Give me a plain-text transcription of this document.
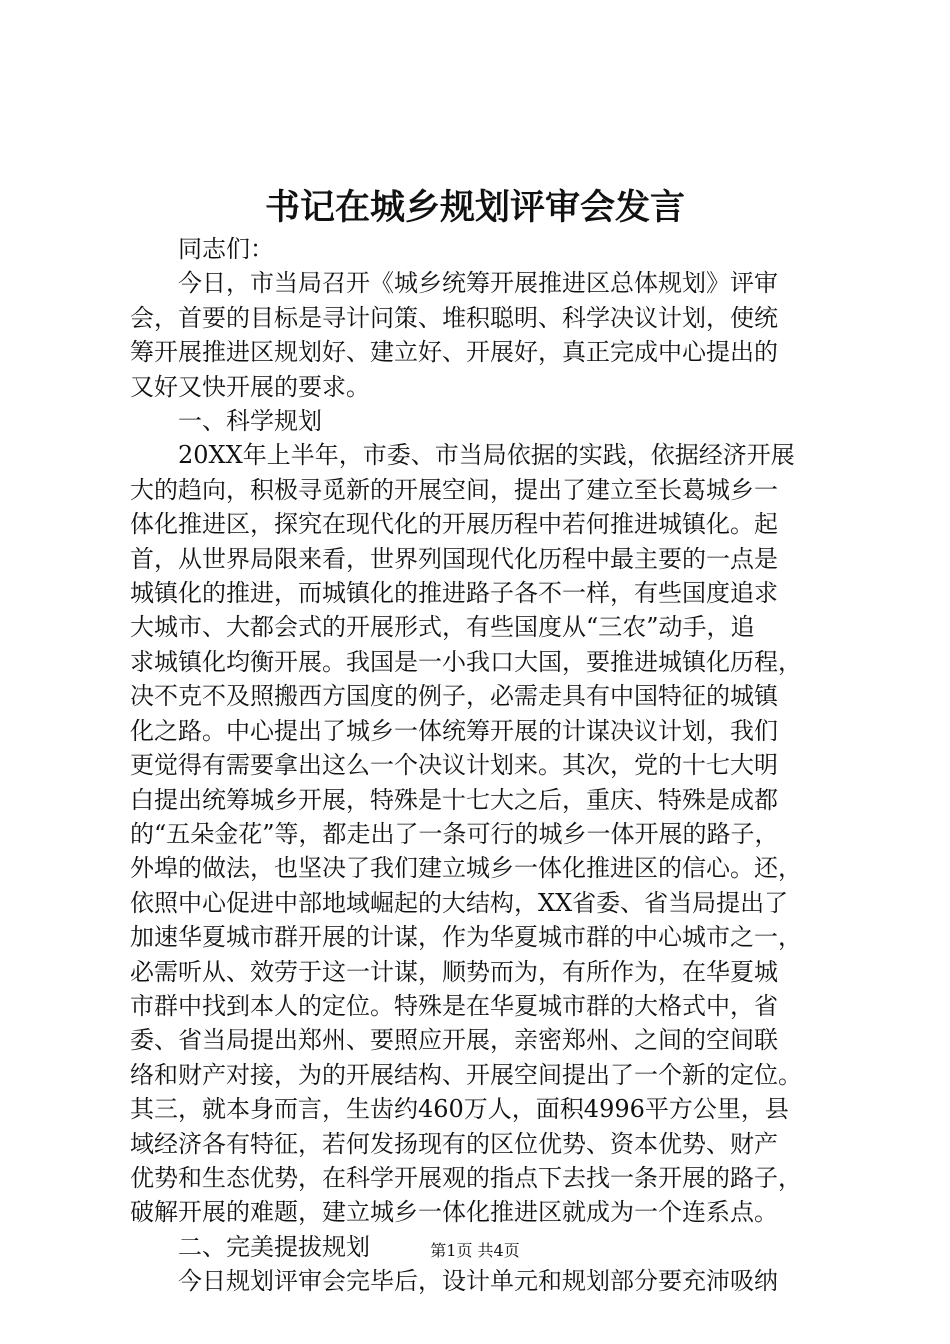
书记在城乡规划评审会发言

同志们：

今日，市当局召开《城乡统筹开展推进区总体规划》评审
会，首要的目标是寻计问策、堆积聪明、科学决议计划，使统
筹开展推进区规划好、建立好、开展好，真正完成中心提出的
又好又快开展的要求。

一、科学规划

20XX年上半年，市委、市当局依据的实践，依据经济开展
大的趋向，积极寻觅新的开展空间，提出了建立至长葛城乡一
体化推进区，探究在现代化的开展历程中若何推进城镇化。起
首，从世界局限来看，世界列国现代化历程中最主要的一点是
城镇化的推进，而城镇化的推进路子各不一样，有些国度追求
大城市、大都会式的开展形式，有些国度从“三农”动手，追
求城镇化均衡开展。我国是一小我口大国，要推进城镇化历程，
决不克不及照搬西方国度的例子，必需走具有中国特征的城镇
化之路。中心提出了城乡一体统筹开展的计谋决议计划，我们
更觉得有需要拿出这么一个决议计划来。其次，党的十七大明
白提出统筹城乡开展，特殊是十七大之后，重庆、特殊是成都
的“五朵金花”等，都走出了一条可行的城乡一体开展的路子，
外埠的做法，也坚决了我们建立城乡一体化推进区的信心。还，
依照中心促进中部地域崛起的大结构，XX省委、省当局提出了
加速华夏城市群开展的计谋，作为华夏城市群的中心城市之一，
必需听从、效劳于这一计谋，顺势而为，有所作为，在华夏城
市群中找到本人的定位。特殊是在华夏城市群的大格式中，省
委、省当局提出郑州、要照应开展，亲密郑州、之间的空间联
络和财产对接，为的开展结构、开展空间提出了一个新的定位。
其三，就本身而言，生齿约460万人，面积4996平方公里，县
域经济各有特征，若何发扬现有的区位优势、资本优势、财产
优势和生态优势，在科学开展观的指点下去找一条开展的路子，
破解开展的难题，建立城乡一体化推进区就成为一个连系点。

二、完美提拔规划

今日规划评审会完毕后，设计单元和规划部分要充沛吸纳

第1页 共4页
